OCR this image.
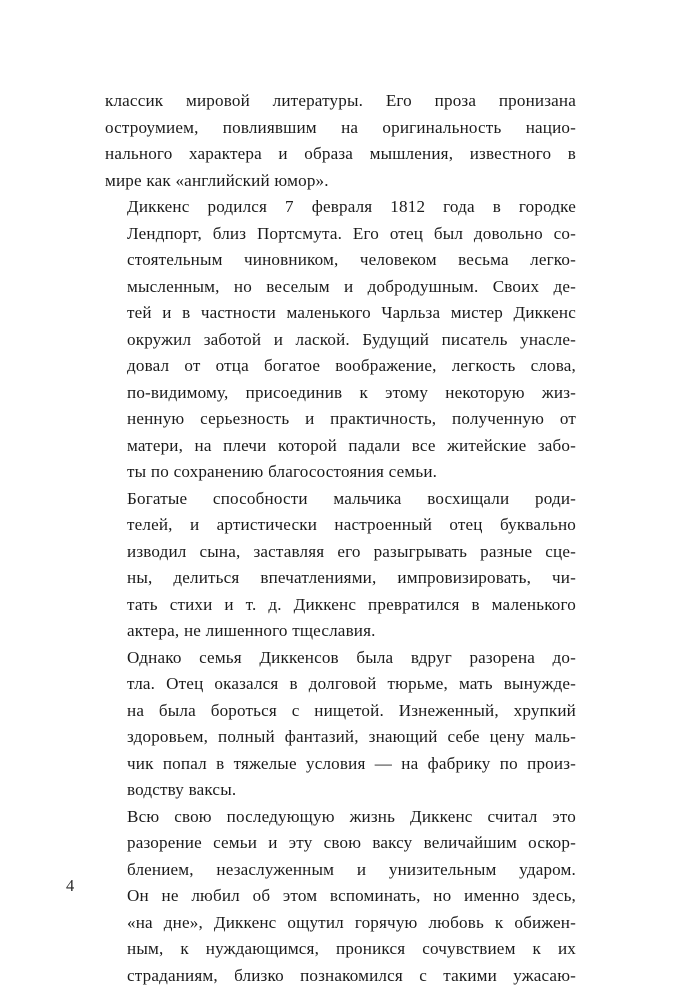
классик мировой литературы. Его проза пронизана
остроумием, повлиявшим на оригинальность нацио-
нального характера и образа мышления, известного в
мире как «английский юмор».

Диккенс родился 7 февраля 1812 года в городке
Лендпорт, близ Портсмута. Его отец был довольно со-
стоятельным чиновником, человеком весьма легко-
мысленным, но веселым и добродушным. Своих де-
тей и в частности маленького Чарльза мистер Диккенс
окружил заботой и лаской. Будущий писатель унасле-
довал от отца богатое воображение, легкость слова,
по-видимому, присоединив к этому некоторую жиз-
ненную серьезность и практичность, полученную от
матери, на плечи которой падали все житейские забо-
ты по сохранению благосостояния семьи.

Богатые способности мальчика восхищали роди-
телей, и артистически настроенный отец буквально
изводил сына, заставляя его разыгрывать разные сце-
ны, делиться впечатлениями, импровизировать, чи-
тать стихи и т. д. Диккенс превратился в маленького
актера, не лишенного тщеславия.

Однако семья Диккенсов была вдруг разорена до-
тла. Отец оказался в долговой тюрьме, мать вынужде-
на была бороться с нищетой. Изнеженный, хрупкий
здоровьем, полный фантазий, знающий себе цену маль-
чик попал в тяжелые условия — на фабрику по произ-
водству ваксы.

Всю свою последующую жизнь Диккенс считал это
разорение семьи и эту свою ваксу величайшим оскор-
блением, незаслуженным и унизительным ударом.
Он не любил об этом вспоминать, но именно здесь,
«на дне», Диккенс ощутил горячую любовь к обижен-
ным, к нуждающимся, проникся сочувствием к их
страданиям, близко познакомился с такими ужасаю-

4
